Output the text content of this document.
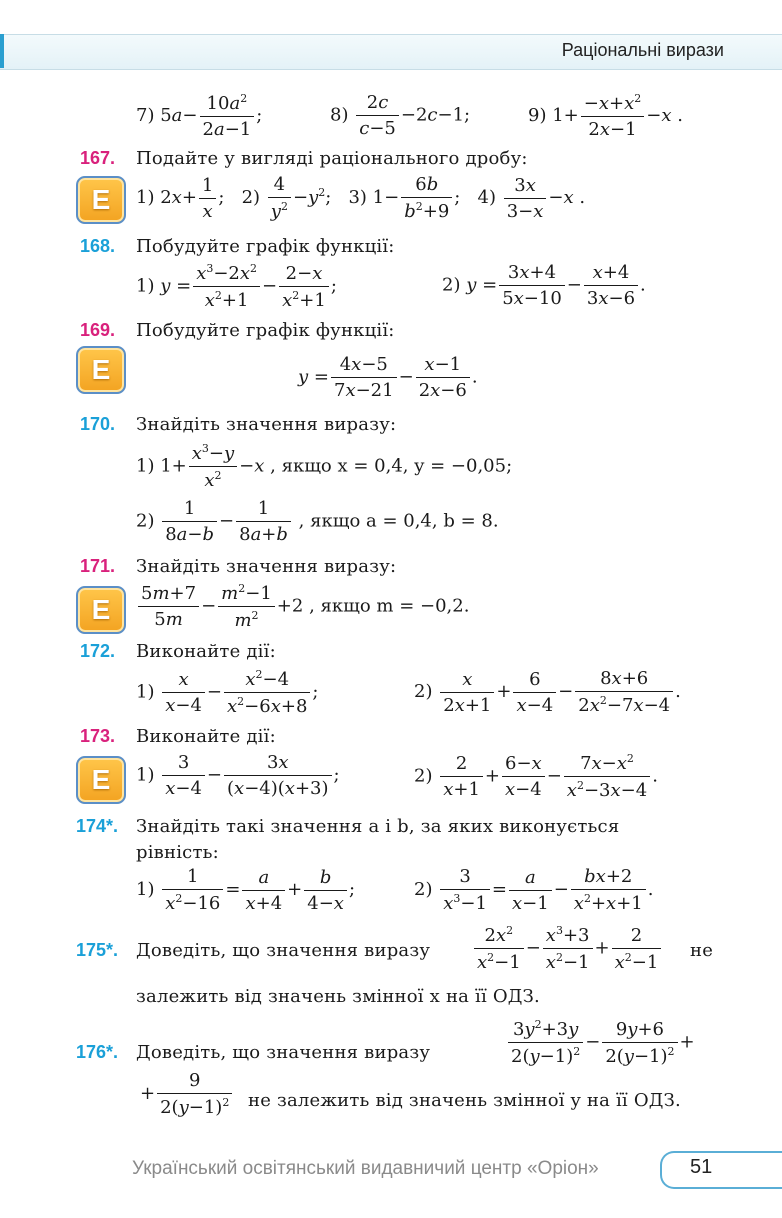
Раціональні вирази
7) $5a- \frac{10a^2}{2a-1}$ ;	$8) \frac{2c}{c-5} -2c-1$;	9) $1+ \frac{-x+x^2}{2x-1} -x$ .
167.	Подайте у вигляді раціонального дробу:
Е	1) $2x+ \frac{1}{x}$ ;   $2) \frac{4}{y^2} -y^2$;   3) $1- \frac{6b}{b^2+9}$ ;   $4) \frac{3x}{3-x} -x$ .
168.	Побудуйте графік функції:
1) $y = \frac{x^3-2x^2}{x^2+1} - \frac{2-x}{x^2+1}$ ;	2) $y = \frac{3x+4}{5x-10} - \frac{x+4}{3x-6}$ .
169.	Побудуйте графік функції:
Е	$y = \frac{4x-5}{7x-21} - \frac{x-1}{2x-6}$ .
170.	Знайдіть значення виразу:
1) $1+ \frac{x^3-y}{x^2} -x$ , якщо x = 0,4, y = −0,05;
$2) \frac{1}{8a-b} - \frac{1}{8a+b}$ , якщо a = 0,4, b = 8.
171.	Знайдіть значення виразу:
Е	$\frac{5m+7}{5m} - \frac{m^2-1}{m^2} +2$ , якщо m = −0,2.
172.	Виконайте дії:
$1) \frac{x}{x-4} - \frac{x^2-4}{x^2-6x+8}$ ;	$2) \frac{x}{2x+1} + \frac{6}{x-4} - \frac{8x+6}{2x^2-7x-4}$ .
173.	Виконайте дії:
Е	$1) \frac{3}{x-4} - \frac{3x}{(x-4)(x+3)}$ ;	$2) \frac{2}{x+1} + \frac{6-x}{x-4} - \frac{7x-x^2}{x^2-3x-4}$ .
174*. Знайдіть такі значення a і b, за яких виконується
рівність:
$1) \frac{1}{x^2-16} = \frac{a}{x+4} + \frac{b}{4-x}$ ;	$2) \frac{3}{x^3-1} = \frac{a}{x-1} - \frac{bx+2}{x^2+x+1}$ .
175*. Доведіть, що значення виразу $\frac{2x^2}{x^2-1} - \frac{x^3+3}{x^2-1} + \frac{2}{x^2-1}$ не
залежить від значень змінної x на її ОДЗ.
176*. Доведіть, що значення виразу	$\frac{3y^2+3y}{2(y-1)^2} - \frac{9y+6}{2(y-1)^2}$ +
+ $\frac{9}{2(y-1)^2}$ не залежить від значень змінної y на її ОДЗ.
Український освітянський видавничий центр «Оріон»	51
